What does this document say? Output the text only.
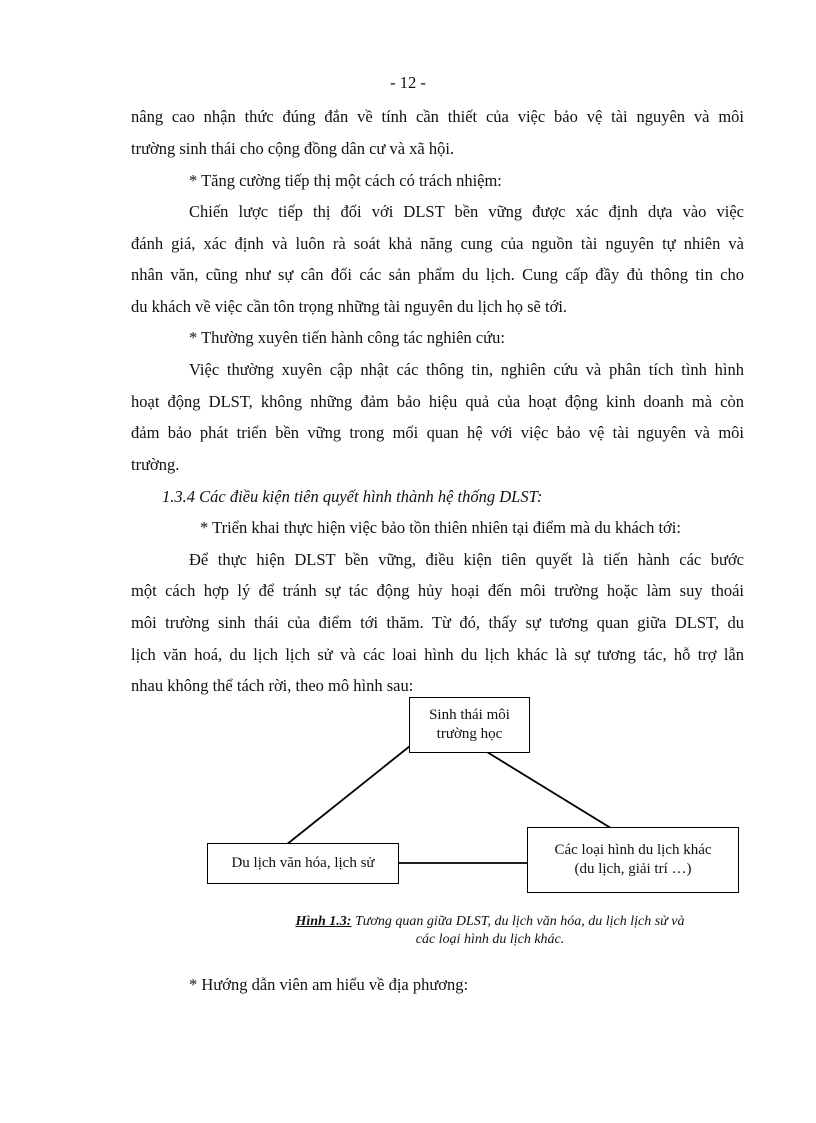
- 12 -
nâng cao nhận thức đúng đắn về tính cần thiết của việc bảo vệ tài nguyên và môi
trường sinh thái cho cộng đồng dân cư và xã hội.
* Tăng cường tiếp thị một cách có trách nhiệm:
Chiến lược tiếp thị đối với DLST bền vững được xác định dựa vào việc
đánh giá, xác định và luôn rà soát khả năng cung của nguồn tài nguyên tự nhiên và
nhân văn, cũng như sự cân đối các sản phẩm du lịch. Cung cấp đầy đủ thông tin cho
du khách về việc cần tôn trọng những tài nguyên du lịch họ sẽ tới.
* Thường xuyên tiến hành công tác nghiên cứu:
Việc thường xuyên cập nhật các thông tin, nghiên cứu và phân tích tình hình
hoạt động DLST, không những đảm bảo hiệu quả của hoạt động kinh doanh mà còn
đảm bảo phát triển bền vững trong mối quan hệ với việc bảo vệ tài nguyên và môi
trường.
1.3.4 Các điều kiện tiên quyết hình thành hệ thống DLST:
* Triển khai thực hiện việc bảo tồn thiên nhiên tại điểm mà du khách tới:
Để thực hiện DLST bền vững, điều kiện tiên quyết là tiến hành các bước
một cách hợp lý để tránh sự tác động hủy hoại đến môi trường hoặc làm suy thoái
môi trường sinh thái của điểm tới thăm. Từ đó, thấy sự tương quan giữa DLST, du
lịch văn hoá, du lịch lịch sử và các loai hình du lịch khác là sự tương tác, hỗ trợ lẫn
nhau không thể tách rời, theo mô hình sau:
Sinh thái môi
trường học
Du lịch văn hóa, lịch sử
Các loại hình du lịch khác
(du lịch, giải trí …)
Hình 1.3: Tương quan giữa DLST, du lịch văn hóa, du lịch lịch sử và
các loại hình du lịch khác.
* Hướng dẫn viên am hiểu về địa phương:
